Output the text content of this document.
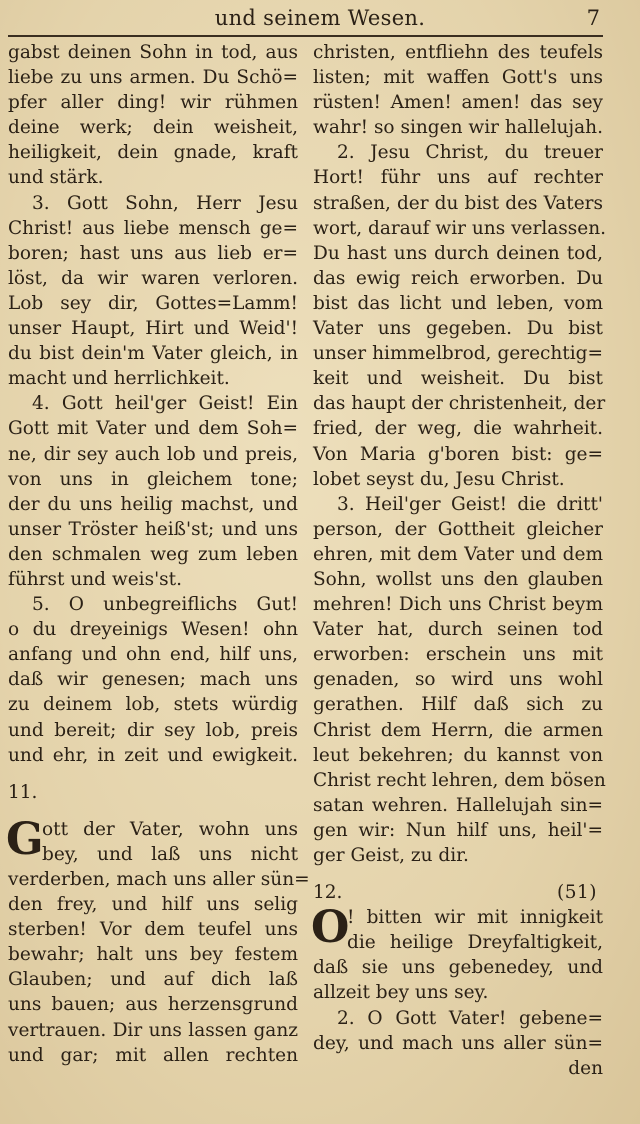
und seinem Wesen.	7
gabst deinen Sohn in tod, aus
liebe zu uns armen. Du Schö=
pfer aller ding! wir rühmen
deine werk; dein weisheit,
heiligkeit, dein gnade, kraft
und stärk.
3. Gott Sohn, Herr Jesu
Christ! aus liebe mensch ge=
boren; hast uns aus lieb er=
löst, da wir waren verloren.
Lob sey dir, Gottes=Lamm!
unser Haupt, Hirt und Weid'!
du bist dein'm Vater gleich, in
macht und herrlichkeit.
4. Gott heil'ger Geist! Ein
Gott mit Vater und dem Soh=
ne, dir sey auch lob und preis,
von uns in gleichem tone;
der du uns heilig machst, und
unser Tröster heiß'st; und uns
den schmalen weg zum leben
führst und weis'st.
5. O unbegreiflichs Gut!
o du dreyeinigs Wesen! ohn
anfang und ohn end, hilf uns,
daß wir genesen; mach uns
zu deinem lob, stets würdig
und bereit; dir sey lob, preis
und ehr, in zeit und ewigkeit.
11.
G
ott der Vater, wohn uns
bey, und laß uns nicht
verderben, mach uns aller sün=
den frey, und hilf uns selig
sterben! Vor dem teufel uns
bewahr; halt uns bey festem
Glauben; und auf dich laß
uns bauen; aus herzensgrund
vertrauen. Dir uns lassen ganz
und gar; mit allen rechten
christen, entfliehn des teufels
listen; mit waffen Gott's uns
rüsten! Amen! amen! das sey
wahr! so singen wir hallelujah.
2. Jesu Christ, du treuer
Hort! führ uns auf rechter
straßen, der du bist des Vaters
wort, darauf wir uns verlassen.
Du hast uns durch deinen tod,
das ewig reich erworben. Du
bist das licht und leben, vom
Vater uns gegeben. Du bist
unser himmelbrod, gerechtig=
keit und weisheit. Du bist
das haupt der christenheit, der
fried, der weg, die wahrheit.
Von Maria g'boren bist: ge=
lobet seyst du, Jesu Christ.
3. Heil'ger Geist! die dritt'
person, der Gottheit gleicher
ehren, mit dem Vater und dem
Sohn, wollst uns den glauben
mehren! Dich uns Christ beym
Vater hat, durch seinen tod
erworben: erschein uns mit
genaden, so wird uns wohl
gerathen. Hilf daß sich zu
Christ dem Herrn, die armen
leut bekehren; du kannst von
Christ recht lehren, dem bösen
satan wehren. Hallelujah sin=
gen wir: Nun hilf uns, heil'=
ger Geist, zu dir.
12.	(51)
O
! bitten wir mit innigkeit
die heilige Dreyfaltigkeit,
daß sie uns gebenedey, und
allzeit bey uns sey.
2. O Gott Vater! gebene=
dey, und mach uns aller sün=
den
